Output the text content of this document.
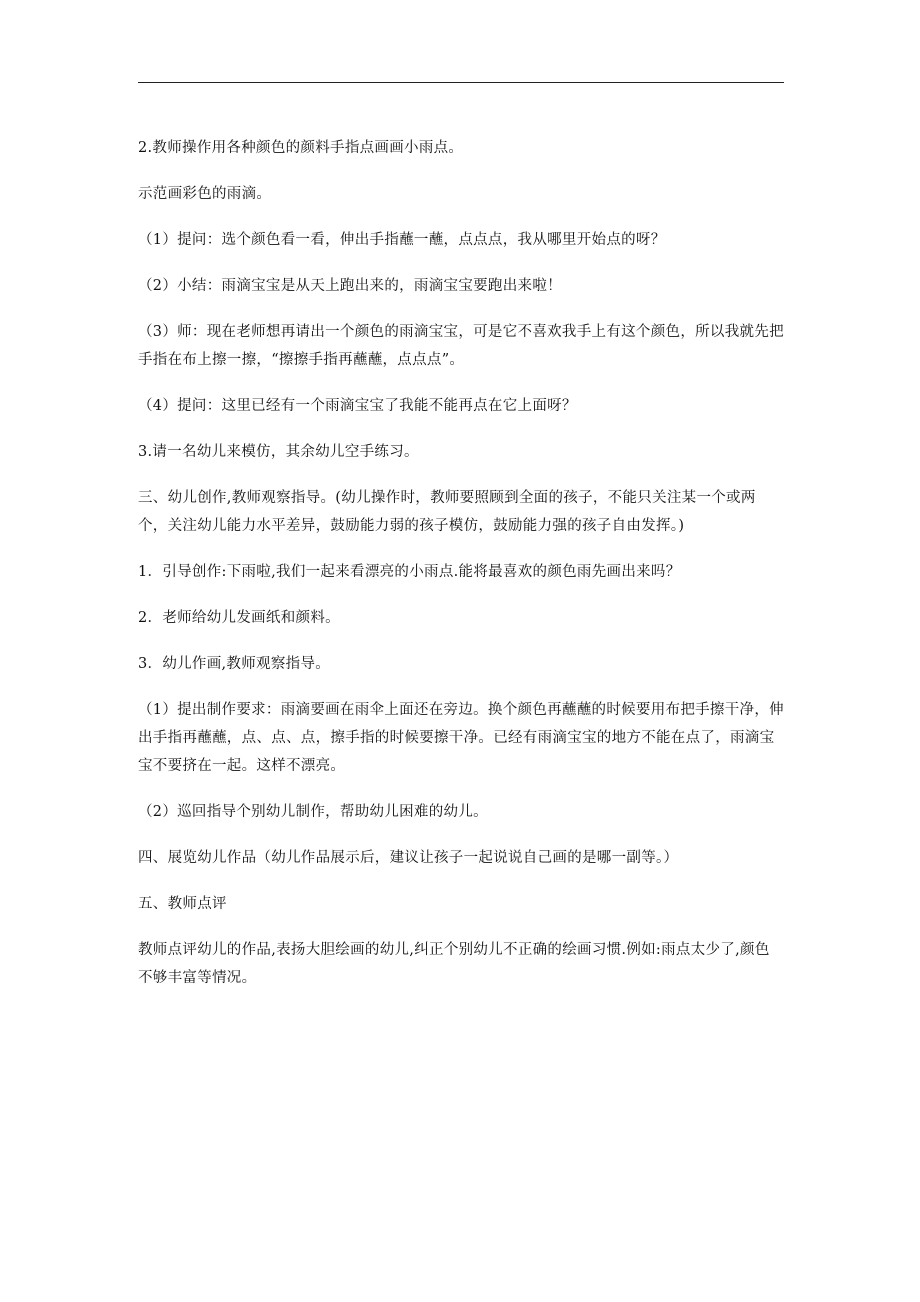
2.教师操作用各种颜色的颜料手指点画画小雨点。

示范画彩色的雨滴。

（1）提问：选个颜色看一看，伸出手指蘸一蘸，点点点，我从哪里开始点的呀？

（2）小结：雨滴宝宝是从天上跑出来的，雨滴宝宝要跑出来啦！

（3）师：现在老师想再请出一个颜色的雨滴宝宝，可是它不喜欢我手上有这个颜色，所以我就先把手指在布上擦一擦，“擦擦手指再蘸蘸，点点点”。

（4）提问：这里已经有一个雨滴宝宝了我能不能再点在它上面呀？

3.请一名幼儿来模仿，其余幼儿空手练习。

三、幼儿创作,教师观察指导。(幼儿操作时，教师要照顾到全面的孩子，不能只关注某一个或两个，关注幼儿能力水平差异，鼓励能力弱的孩子模仿，鼓励能力强的孩子自由发挥。)

1．引导创作:下雨啦,我们一起来看漂亮的小雨点.能将最喜欢的颜色雨先画出来吗？

2．老师给幼儿发画纸和颜料。

3．幼儿作画,教师观察指导。

（1）提出制作要求：雨滴要画在雨伞上面还在旁边。换个颜色再蘸蘸的时候要用布把手擦干净，伸出手指再蘸蘸，点、点、点，擦手指的时候要擦干净。已经有雨滴宝宝的地方不能在点了，雨滴宝宝不要挤在一起。这样不漂亮。

（2）巡回指导个别幼儿制作，帮助幼儿困难的幼儿。

四、展览幼儿作品（幼儿作品展示后，建议让孩子一起说说自己画的是哪一副等。）

五、教师点评

教师点评幼儿的作品,表扬大胆绘画的幼儿,纠正个别幼儿不正确的绘画习惯.例如:雨点太少了,颜色不够丰富等情况。
